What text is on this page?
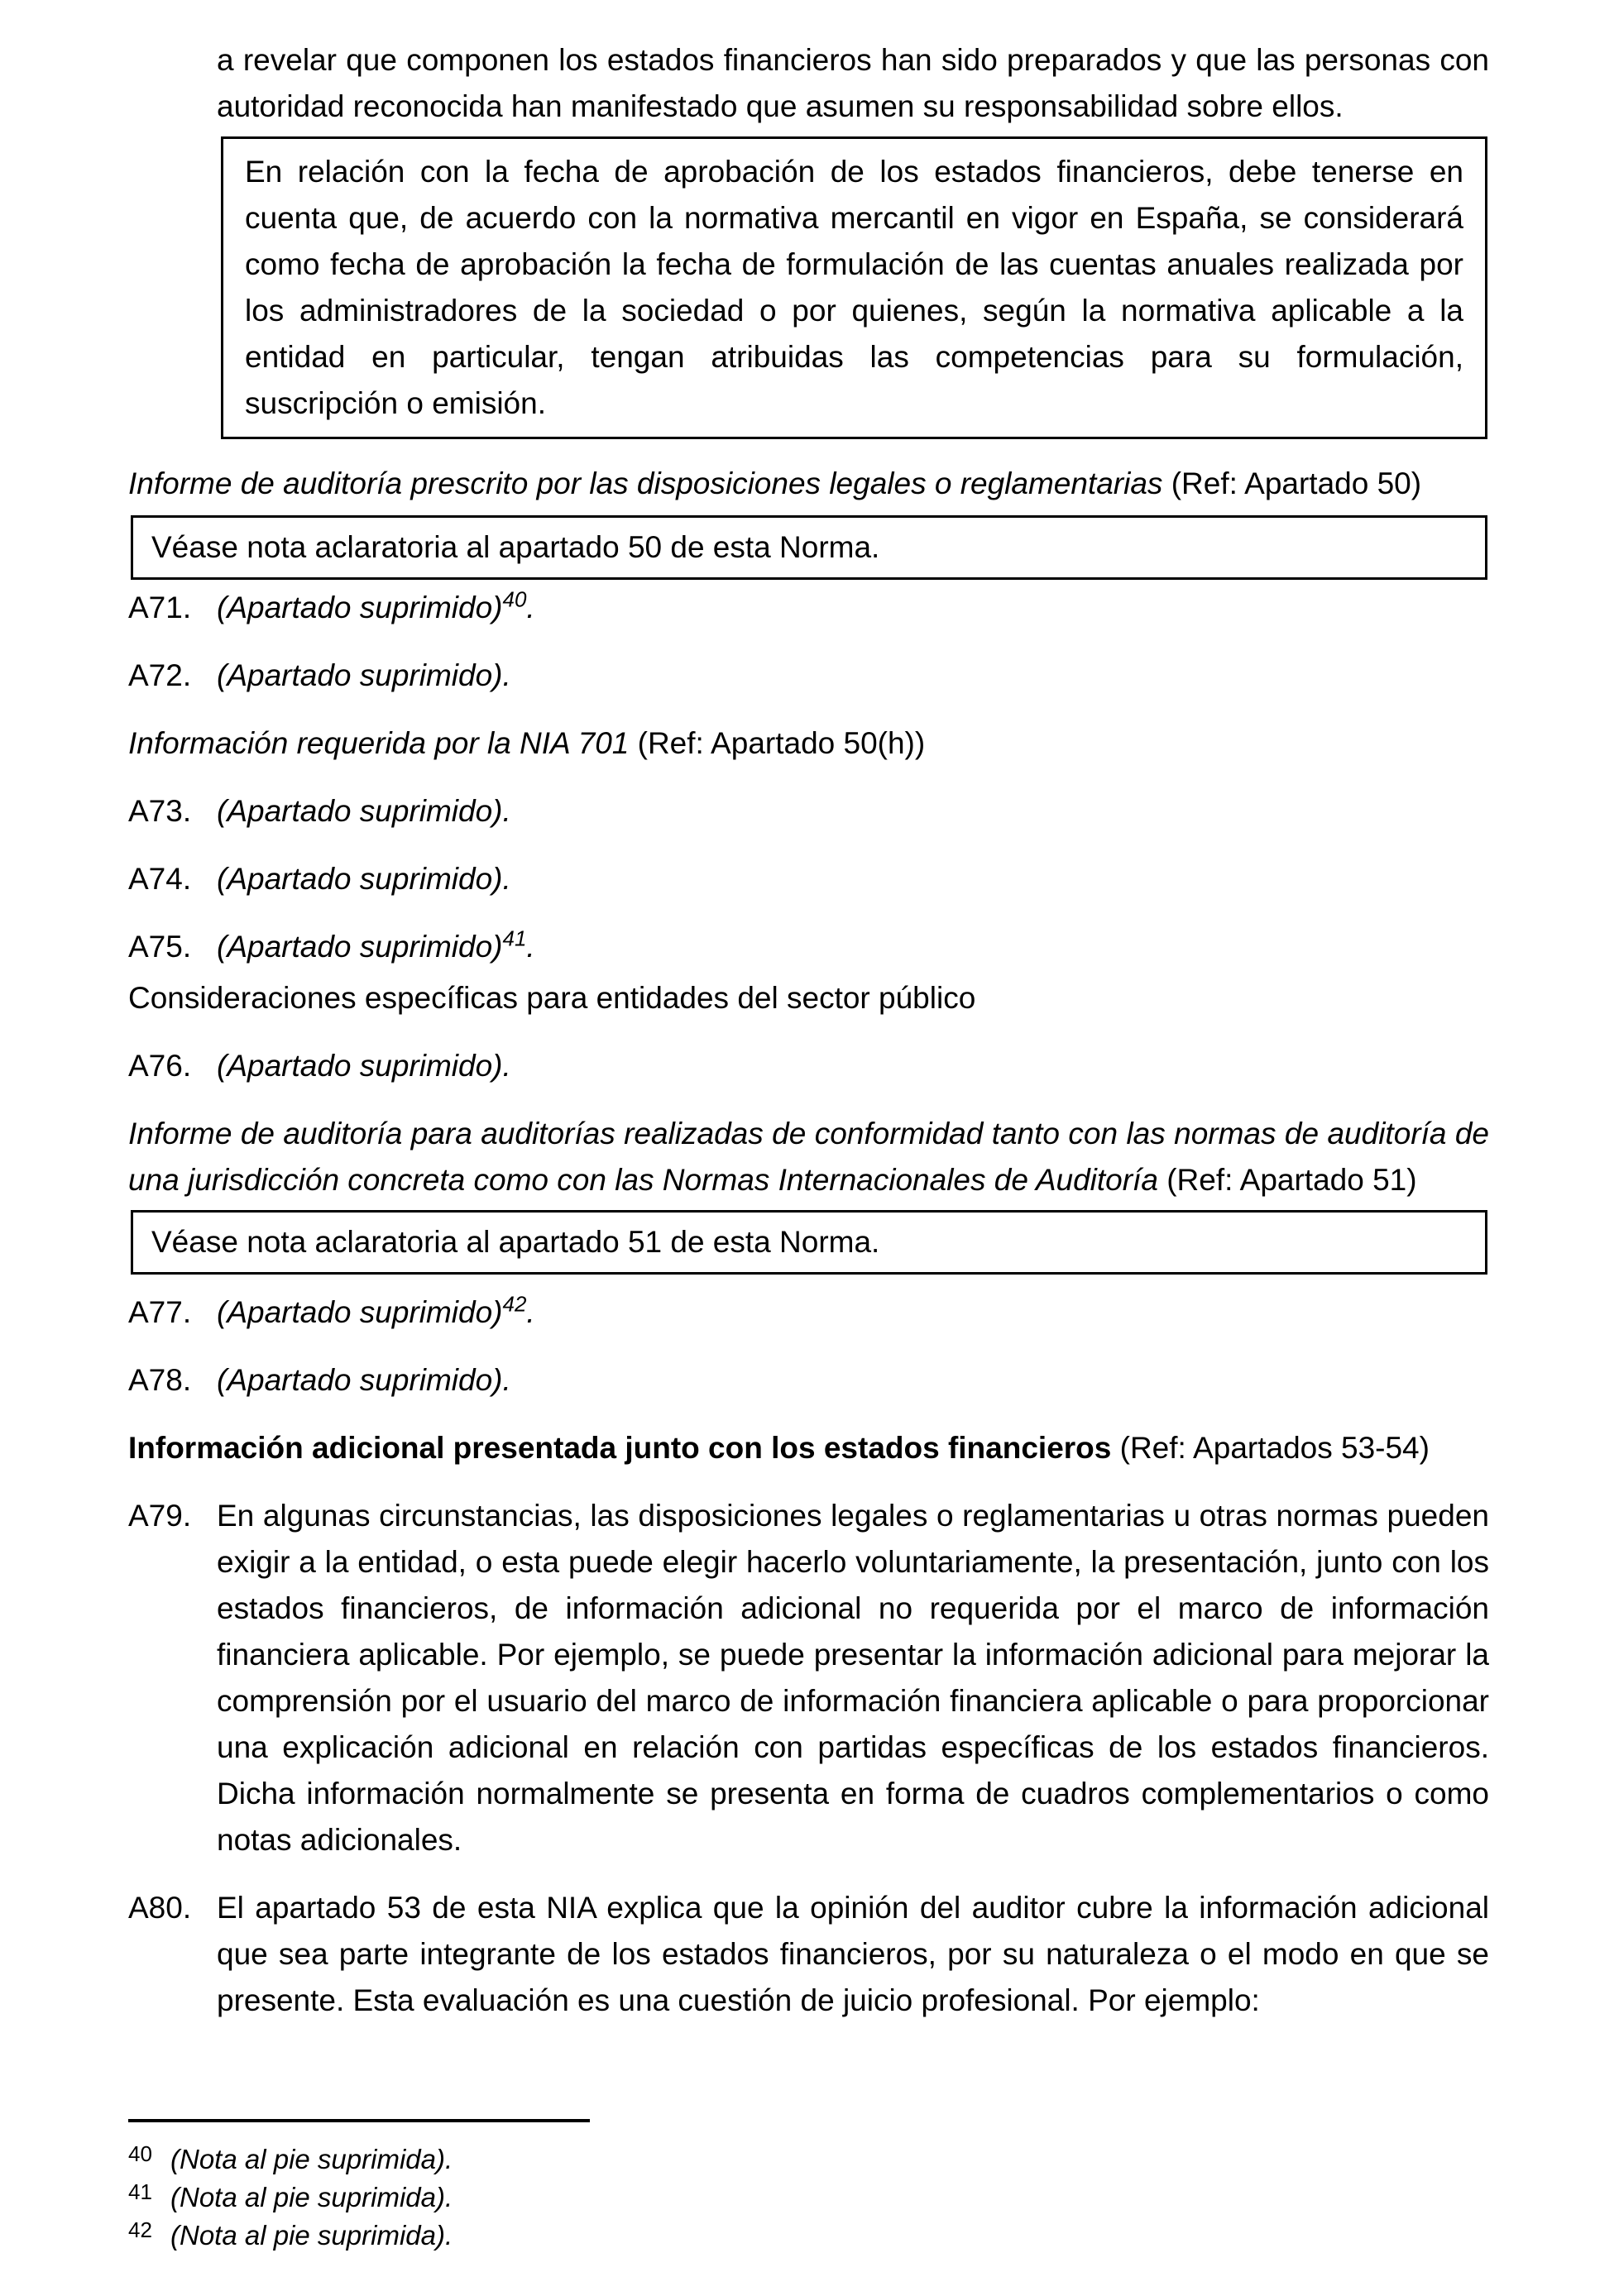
a revelar que componen los estados financieros han sido preparados y que las personas con autoridad reconocida han manifestado que asumen su responsabilidad sobre ellos.

En relación con la fecha de aprobación de los estados financieros, debe tenerse en cuenta que, de acuerdo con la normativa mercantil en vigor en España, se considerará como fecha de aprobación la fecha de formulación de las cuentas anuales realizada por los administradores de la sociedad o por quienes, según la normativa aplicable a la entidad en particular, tengan atribuidas las competencias para su formulación, suscripción o emisión.
Informe de auditoría prescrito por las disposiciones legales o reglamentarias (Ref: Apartado 50)
Véase nota aclaratoria al apartado 50 de esta Norma.

A71. (Apartado suprimido)$^{40}$.

A72. (Apartado suprimido).

Información requerida por la NIA 701 (Ref: Apartado 50(h))

A73. (Apartado suprimido).

A74. (Apartado suprimido).

A75. (Apartado suprimido)$^{41}$.

Consideraciones específicas para entidades del sector público

A76. (Apartado suprimido).

Informe de auditoría para auditorías realizadas de conformidad tanto con las normas de auditoría de una jurisdicción concreta como con las Normas Internacionales de Auditoría (Ref: Apartado 51)
Véase nota aclaratoria al apartado 51 de esta Norma.

A77. (Apartado suprimido)$^{42}$.

A78. (Apartado suprimido).

Información adicional presentada junto con los estados financieros (Ref: Apartados 53-54)

A79. En algunas circunstancias, las disposiciones legales o reglamentarias u otras normas pueden exigir a la entidad, o esta puede elegir hacerlo voluntariamente, la presentación, junto con los estados financieros, de información adicional no requerida por el marco de información financiera aplicable. Por ejemplo, se puede presentar la información adicional para mejorar la comprensión por el usuario del marco de información financiera aplicable o para proporcionar una explicación adicional en relación con partidas específicas de los estados financieros. Dicha información normalmente se presenta en forma de cuadros complementarios o como notas adicionales.

A80. El apartado 53 de esta NIA explica que la opinión del auditor cubre la información adicional que sea parte integrante de los estados financieros, por su naturaleza o el modo en que se presente. Esta evaluación es una cuestión de juicio profesional. Por ejemplo:

40 (Nota al pie suprimida).

41 (Nota al pie suprimida).

42 (Nota al pie suprimida).
